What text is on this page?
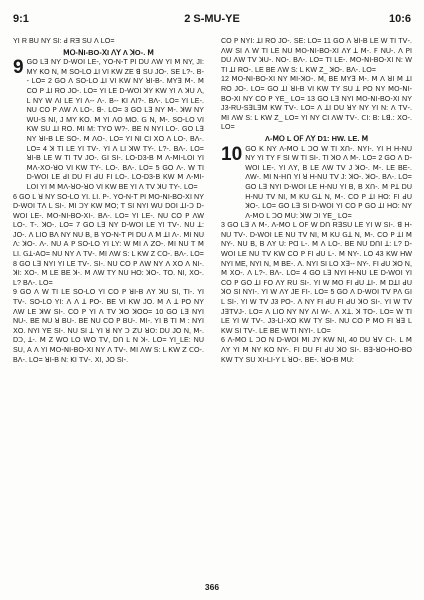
9:1	2 S-MU-YE	10:6

YI R BU NY SI: ꓒ RƎ SU Ʌ LO=

ꓟꓳ-ꓠI-BO-ꓫI ꓥꓬ Ʌ ꓘO-. ꓟ
9 GO Lꓱ NY D-WꓳI LE-, YO-N-T ꓑI DU ɅW YI ꓟ NY, JI: MY KO N, ꓟ SO-LO ꓕI VI KW ZE ꓭ SU JO-. SE L?-. B-- LO= 2 GO ꓥ SO-LO ꓕI VI KW NY ꓤI-B-. MYꓱ ꓟ-. ꓟ CO ꓑ ꓕI RO JO-. LO= YI LE D-WꓳI ꓘY KW YI ꓥ ꓘU ꓥ, L NY W ꓥI LE YI ꓥ-- ꓥ-. B-- ꓗI ꓥI?-. BɅ-. LO= YI LE-. NU CO ꓑ ɅW Ʌ LO-. ꓭ-. LO= 3 GO Lꓱ NY ꓟ-. ꓘW NY WU-S NI, J MY KO. ꓟ YI ꓥꓳ MO. ꓖ N, ꓟ-. SO-LO VI KW SU ꓕI RO. ꓟI M: ꓔYO W?-. BE N NYI LO-. GO Lꓱ NY ꓤI-B LE SO-. ꓟ ꓥꓳ-. LO= YI NI CI ꓫO Ʌ LO-. BɅ-. LO= 4 ꓘ ꓔI LE YI ꓔꓦ-. YI Ʌ LI ꓘW ꓔY-. L?-. BɅ-. LO= ꓤI-B LE W ꓔI ꓔꓦ JO-. ꓖI SI-. LO-D3-B ꓟ Ʌ-ꓟI-LꓳI YI ꓟɅ-ꓫꓳ-ꓤꓳ VI KW ꓔY-. LO-. BɅ-. LO= 5 GO Ʌ-. W ꓔI D-WꓳI LE ꓒI DU ꓝI ꓒU ꓝI LO-. LO-D3-B KW ꓟ Ʌ-ꓟI-LꓳI YI ꓟ ꓟɅ-ꓤꓳ-ꓤꓳ VI KW BE YI ꓥ ꓔꓦ ꓘU ꓔY-. LO=

6 GO L ꓤ NY SO-LO YI. LI. ꓑ-. YO-N-T ꓑI ꓟꓳ-ꓠI-BO-ꓫI NY D-WꓳI ꓔɅ L SI-. ꓟI ꓛY KW ꓟO; ꓔ SI NYI WU DꓳI ꓕI-ꓛ D-WꓳI LE-. ꓟꓳ-ꓠI-BO-ꓫI-. BɅ-. LO= YI LE-. NU CO ꓑ ɅW LO-. ꓔ-. ꓘO-. LO= 7 GO Lꓱ NY D-WꓳI LE YI ꓔꓦ-. NU ꓕ: JO-. Ʌ LIO BɅ NY NU B, B YO-N-T ꓑI DU Ʌ ꓟ ꓕI Ʌ-. ꓟI NU ꓥ: ꓘO-. Ʌ-. NU ꓮ ꓑ SO-LO YI LY: W ꓟI Ʌ ꓜO-. ꓟI NU ꓔ ꓟ LI. ꓖꓕ-ꓮO= NU NY Ʌ ꓔꓦ-. ꓟI ɅW S: L KW Z ꓚO-. BɅ-. LO= 8 GO Lꓱ NYI YI LE ꓔꓦ-. SI-. NU CO ꓑ ɅW NY Ʌ ꓫO Ʌ NI-. ꓘI: ꓫO-. ꓟ LE BE ꓘ-. ꓟ ɅW ꓔY NU HO: ꓘO-. ꓔO. NI, ꓫO-. L? BɅ-. LO=

9 GO Ʌ W ꓔI LE SO-LO YI CO ꓑ ꓤI-B ꓥꓬ ꓘU SI, ꓔI-. YI ꓔꓦ-. SO-LO YI: ꓥ Ʌ ꓕ ꓑO-. BE VI KW JO. ꓟ Ʌ ꓕ ꓑO NY ɅW LE ꓘW SI-. CO ꓑ YI ꓥ ꓔꓦ ꓘO ꓘOO= 10 GO Lꓱ NYI NU-. BE NU ꓤ BU-. BE NU CO ꓑ BU-. ꓟI-. YI B ꓔI ꓟ : NYI ꓫO. NYI YE SI-. NU SI ꓕ YI ꓤ NY ꓛ ꓜU ꓤꓳ: DU JO N, ꓟ-. Dꓛ, ꓕ-. ꓟ Z WO LO ꓪO ꓔꓦ, Dꓵ L N ꓘ-. LO= YI_LE: NU SU, ꓮ Ʌ YI ꓟꓳ-ꓠI-BO-ꓫI NY Ʌ ꓔꓦ-. ꓟI ɅW S: L KW ꓜ ꓚO-. BɅ-. LO= ꓤI-B N: ꓗI ꓔꓦ-. ꓫI, JO SI-.

CO ꓑ NYI: ꓕI RO JO-. SE: LO= 11 GO Ʌ ꓤI-B LE W ꓔI ꓔꓦ-. ɅW SI Ʌ W ꓔI LE NU ꓟꓳ-ꓠI-BO-ꓫI ꓥꓬ ꓕ ꓟ-. ꓝ NU-. Ʌ ꓑI DU ɅW ꓔꓦ ꓘU-. NO-. BɅ-. LO= ꓔI LE-. ꓟꓳ-ꓠI-BO-ꓫI N: W ꓔI ꓕI RO-. LE BE ɅW S: L KW Z_ ꓘO-. BɅ-. LO=

12 ꓟꓳ-ꓠI-BO-ꓫI NY ꓟI-ꓘꓳ-. ꓟ, BE MYꓱ ꓟ-. ꓟ Ʌ ꓤI ꓟ ꓕI RO JO-. LO= GO ꓕI ꓤI-B VI KW ꓔY SU ꓕ ꓑO NY ꓟꓳ-ꓠI-BO-ꓫI NY CO ꓑ YE_ LO= 13 GO Lꓱ NYI ꓟꓳ-ꓠI-BO-ꓫI NY J3-RU-SꓱLꓱM KW ꓔꓦ-. LO= Ʌ ꓕI DU ꓤY NY YI N: Ʌ ꓔꓦ-. ꓟI ɅW S: L KW Z_ LO= YI NY CI ɅW ꓔꓦ-. ꓚI: B: Lꓭ.: ꓫO-. LO=

Ʌ-ꓟꓳ L ꓳꓝ ꓥꓬ D1: HW. LE. ꓟ
10 GO K NY Ʌ-ꓟꓳ L ꓛO W ꓔI ꓫꓵ-. NYI-. YI H H-NU NY YI ꓔY ꓝ SI W ꓔI SI-. ꓔI ꓘꓳ Ʌ ꓟ-. LO= 2 GO Ʌ D-WꓳI LE-. YI ꓥꓬ, B LE ɅW ꓔꓦ J ꓘO-. ꓟ-. LE BE-. ɅW-. ꓟI N-ꓧꓵ YI ꓤ H-NU ꓔꓦ J: ꓘO-. ꓘO-. BɅ-. LO= GO Lꓱ NYI D-WꓳI LE H-NU YI B, B ꓫꓵ-. ꓟ ꓑꓕ DU H-NU ꓔꓦ NI, ꓟ KU ꓖꓕ N, ꓟ-. CO ꓑ ꓕI HO: ꓝI ꓒU ꓘO-. LO= GO Lꓱ SI D-WꓳI YI CO ꓑ GO ꓕI HO: NY Ʌ-ꓟꓳ L ꓛO ꓟU: ꓘW ꓛI YE_ LO=

3 GO Lꓱ Ʌ ꓟ-. Ʌ-ꓟꓳ L ꓳꓝ W Dꓵ RꓱSU LE YI W SI-. ꓭ H-NU ꓔꓦ-. D-WꓳI LE NU ꓔꓦ NI, ꓟ KU ꓖꓕ N, ꓟ-. CO ꓑ ꓕI ꓟ NY-. NU B, B ꓥꓬ U: ꓑꓷ L-. ꓟ Ʌ LO-. BE NU DꓵI ꓕ: L? D-WꓳI LE NU ꓔꓦ KW CO ꓑ ꓝI ꓒU L-. ꓟ NY-. LO 43 KW HW NYI ME, NYI N, ꓟ BE-. Ʌ. NYI SI LO ꓫꓱ-- NY-. ꓝI ꓒU ꓘO N, ꓟ ꓫO-. Ʌ L?-. BɅ-. LO= 4 GO Lꓱ NYI H-NU LE D-WꓳI YI CO ꓑ GO ꓕI ꓝO ꓥꓬ RU SI-. YI W ꓟꓳ ꓝI ꓒU ꓕI-. ꓟ DꓕI ꓒU ꓘꓳ SI NYI-. YI W ꓥꓬ JE ꓝI-. LO= 5 GO Ʌ D-WꓳI ꓔꓦ ꓑɅ ꓖI L SI-. YI W ꓔꓦ J3 ꓑO-. Ʌ NY ꓝI ꓒU ꓝI ꓒU ꓘꓳ SI-. YI W ꓔꓦ JꓱꓔꓦJ-. LO= Ʌ LIO NY NY ꓥI W-. Ʌ ꓫꓕ. ꓘ ꓔO-. LO= W ꓔI LE YI W ꓔꓦ-. J3-LI-XO KW ꓔY SI-. NU CO ꓑ ꓟꓳ ꓝI ꓤꓱ L KW SI ꓔꓦ-. LE BE W ꓔI NYI-. LO=

6 Ʌ-ꓟꓳ L ꓛO N D-WꓳI ꓟI JY KW NI, 40 DU ꓤꓦ ꓚI-. L ꓟ ꓥꓬ YI ꓟ NY KO NY-. ꓝI DU ꓝI ꓒU ꓘꓳ SI-. Bꓱ-ꓤꓳ-HO-BO KW ꓔY SU ꓫI-LI-Y L ꓤO-. BE-. ꓤO-B ꓟU:

366
